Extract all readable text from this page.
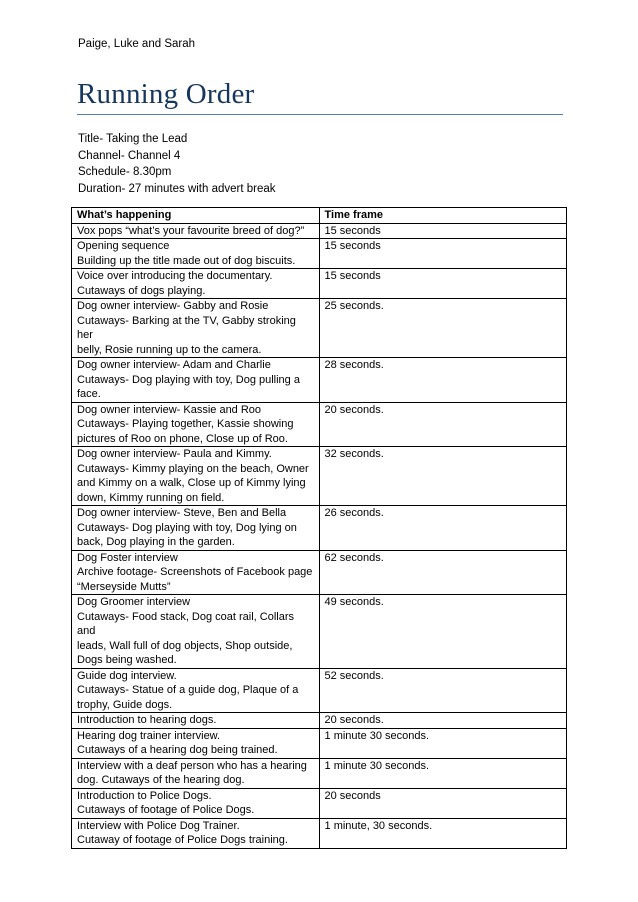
Paige, Luke and Sarah
Running Order
Title- Taking the Lead
Channel- Channel 4
Schedule- 8.30pm
Duration- 27 minutes with advert break
What’s happening	Time frame

Vox pops “what’s your favourite breed of dog?”	15 seconds

Opening sequence
Building up the title made out of dog biscuits.	15 seconds

Voice over introducing the documentary.
Cutaways of dogs playing.	15 seconds

Dog owner interview- Gabby and Rosie
Cutaways- Barking at the TV, Gabby stroking her
belly, Rosie running up to the camera.	25 seconds.

Dog owner interview- Adam and Charlie
Cutaways- Dog playing with toy, Dog pulling a
face.	28 seconds.

Dog owner interview- Kassie and Roo
Cutaways- Playing together, Kassie showing
pictures of Roo on phone, Close up of Roo.	20 seconds.

Dog owner interview- Paula and Kimmy.
Cutaways- Kimmy playing on the beach, Owner
and Kimmy on a walk, Close up of Kimmy lying
down, Kimmy running on field.	32 seconds.

Dog owner interview- Steve, Ben and Bella
Cutaways- Dog playing with toy, Dog lying on
back, Dog playing in the garden.	26 seconds.

Dog Foster interview
Archive footage- Screenshots of Facebook page
“Merseyside Mutts”	62 seconds.

Dog Groomer interview
Cutaways- Food stack, Dog coat rail, Collars and
leads, Wall full of dog objects, Shop outside,
Dogs being washed.	49 seconds.

Guide dog interview.
Cutaways- Statue of a guide dog, Plaque of a
trophy, Guide dogs.	52 seconds.

Introduction to hearing dogs.	20 seconds.

Hearing dog trainer interview.
Cutaways of a hearing dog being trained.	1 minute 30 seconds.

Interview with a deaf person who has a hearing
dog. Cutaways of the hearing dog.	1 minute 30 seconds.

Introduction to Police Dogs.
Cutaways of footage of Police Dogs.	20 seconds

Interview with Police Dog Trainer.
Cutaway of footage of Police Dogs training.	1 minute, 30 seconds.
